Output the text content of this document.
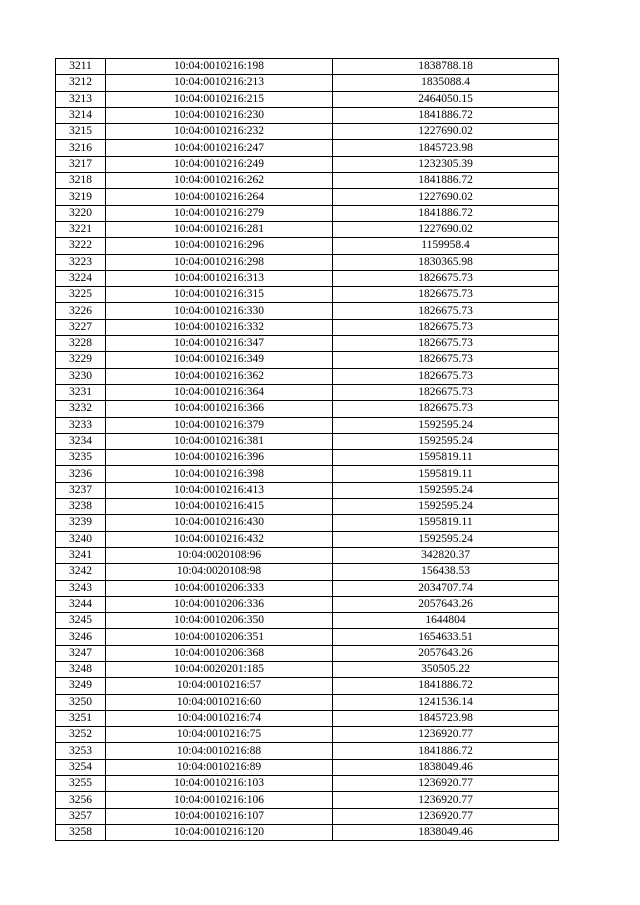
3211	10:04:0010216:198	1838788.18
3212	10:04:0010216:213	1835088.4
3213	10:04:0010216:215	2464050.15
3214	10:04:0010216:230	1841886.72
3215	10:04:0010216:232	1227690.02
3216	10:04:0010216:247	1845723.98
3217	10:04:0010216:249	1232305.39
3218	10:04:0010216:262	1841886.72
3219	10:04:0010216:264	1227690.02
3220	10:04:0010216:279	1841886.72
3221	10:04:0010216:281	1227690.02
3222	10:04:0010216:296	1159958.4
3223	10:04:0010216:298	1830365.98
3224	10:04:0010216:313	1826675.73
3225	10:04:0010216:315	1826675.73
3226	10:04:0010216:330	1826675.73
3227	10:04:0010216:332	1826675.73
3228	10:04:0010216:347	1826675.73
3229	10:04:0010216:349	1826675.73
3230	10:04:0010216:362	1826675.73
3231	10:04:0010216:364	1826675.73
3232	10:04:0010216:366	1826675.73
3233	10:04:0010216:379	1592595.24
3234	10:04:0010216:381	1592595.24
3235	10:04:0010216:396	1595819.11
3236	10:04:0010216:398	1595819.11
3237	10:04:0010216:413	1592595.24
3238	10:04:0010216:415	1592595.24
3239	10:04:0010216:430	1595819.11
3240	10:04:0010216:432	1592595.24
3241	10:04:0020108:96	342820.37
3242	10:04:0020108:98	156438.53
3243	10:04:0010206:333	2034707.74
3244	10:04:0010206:336	2057643.26
3245	10:04:0010206:350	1644804
3246	10:04:0010206:351	1654633.51
3247	10:04:0010206:368	2057643.26
3248	10:04:0020201:185	350505.22
3249	10:04:0010216:57	1841886.72
3250	10:04:0010216:60	1241536.14
3251	10:04:0010216:74	1845723.98
3252	10:04:0010216:75	1236920.77
3253	10:04:0010216:88	1841886.72
3254	10:04:0010216:89	1838049.46
3255	10:04:0010216:103	1236920.77
3256	10:04:0010216:106	1236920.77
3257	10:04:0010216:107	1236920.77
3258	10:04:0010216:120	1838049.46
